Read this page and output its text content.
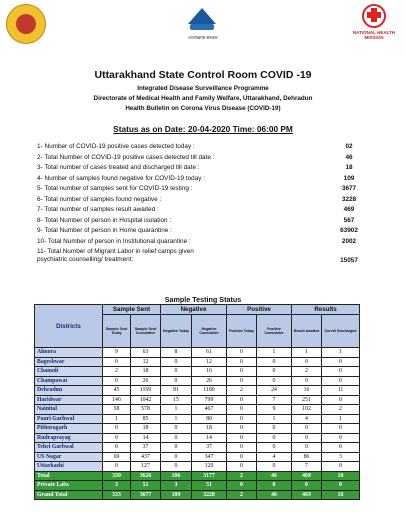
उत्तराखण्ड सरकार
NATIONAL HEALTH MISSION
Uttarakhand State Control Room COVID -19
Integrated Disease Surveillance Programme
Directorate of Medical Health and Family Welfare, Uttarakhand, Dehradun
Health Bulletin on Corona Virus Disease (COVID-19)
Status as on Date: 20-04-2020 Time: 06:00 PM
1- Number of COVID-19 positive cases detected today :	02
2- Total Number of COVID-19 positive cases detected till date :	46
3- Total number of cases treated and discharged till date :	18
4- Number of samples found negative for COVID-19 today :	109
5- Total number of samples sent for COVID-19 testing :	3677
6- Total number of samples found negative :	3228
7- Total number of samples result awaited :	469
8- Total Number of person in Hospital isolation :	567
9- Total Number of person in Home quarantine :	63902
10- Total Number of person in Institutional quarantine :	2002
11- Total Number of Migrant Labor in relief camps given
psychiatric counselling/ treatment:	15057
Sample Testing Status
Districts	Sample Sent		Negative		Positive		Results	
	Sample Sent Today	Sample Sent Cumulative	Negative Today	Negative Cumulative	Positive Today	Positive Cumulative	Result Awaited	Cured/ Discharged
Almora	9	63	8	61	0	1	1	1
Bageshwar	0	12	0	12	0	0	0	0
Chamoli	2	18	0	16	0	0	2	0
Champawat	0	26	0	26	0	0	0	0
Dehradun	45	1169	81	1180	2	24	16	11
Haridwar	146	1042	15	799	0	7	251	0
Nainital	58	578	1	467	0	9	102	2
Pauri Garhwal	1	85	1	80	0	1	4	1
Pithoragarh	0	18	0	18	0	0	0	0
Rudraprayag	0	14	0	14	0	0	0	0
Tehri Garhwal	0	37	0	37	0	0	0	0
US Nagar	69	437	0	347	0	4	86	3
Uttarkashi	0	127	0	120	0	0	7	0
Total	330	3626	106	3177	2	46	469	18
Private Labs	3	51	3	51	0	0	0	0
Grand Total	333	3677	109	3228	2	46	469	18
